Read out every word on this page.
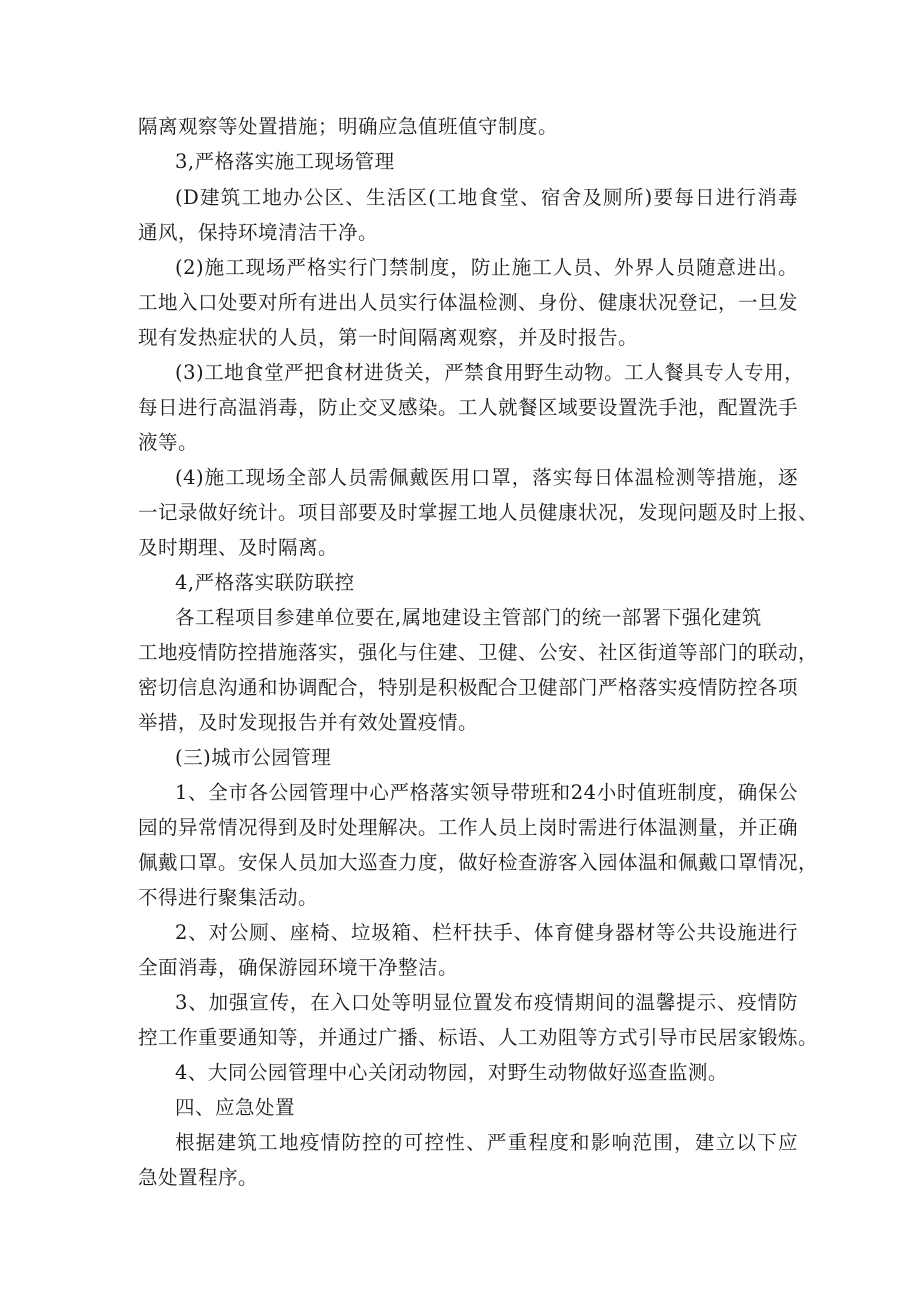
隔离观察等处置措施；明确应急值班值守制度。
3,严格落实施工现场管理
(D建筑工地办公区、生活区(工地食堂、宿舍及厕所)要每日进行消毒
通风，保持环境清洁干净。
(2)施工现场严格实行门禁制度，防止施工人员、外界人员随意进出。
工地入口处要对所有进出人员实行体温检测、身份、健康状况登记，一旦发
现有发热症状的人员，第一时间隔离观察，并及时报告。
(3)工地食堂严把食材进货关，严禁食用野生动物。工人餐具专人专用，
每日进行高温消毒，防止交叉感染。工人就餐区域要设置洗手池，配置洗手
液等。
(4)施工现场全部人员需佩戴医用口罩，落实每日体温检测等措施，逐
一记录做好统计。项目部要及时掌握工地人员健康状况，发现问题及时上报、
及时期理、及时隔离。
4,严格落实联防联控
各工程项目参建单位要在,属地建设主管部门的统一部署下强化建筑
工地疫情防控措施落实，强化与住建、卫健、公安、社区街道等部门的联动，
密切信息沟通和协调配合，特别是积极配合卫健部门严格落实疫情防控各项
举措，及时发现报告并有效处置疫情。
(三)城市公园管理
1、全市各公园管理中心严格落实领导带班和24小时值班制度，确保公
园的异常情况得到及时处理解决。工作人员上岗时需进行体温测量，并正确
佩戴口罩。安保人员加大巡查力度，做好检查游客入园体温和佩戴口罩情况，
不得进行聚集活动。
2、对公厕、座椅、垃圾箱、栏杆扶手、体育健身器材等公共设施进行
全面消毒，确保游园环境干净整洁。
3、加强宣传，在入口处等明显位置发布疫情期间的温馨提示、疫情防
控工作重要通知等，并通过广播、标语、人工劝阻等方式引导市民居家锻炼。
4、大同公园管理中心关闭动物园，对野生动物做好巡查监测。
四、应急处置
根据建筑工地疫情防控的可控性、严重程度和影响范围，建立以下应
急处置程序。
